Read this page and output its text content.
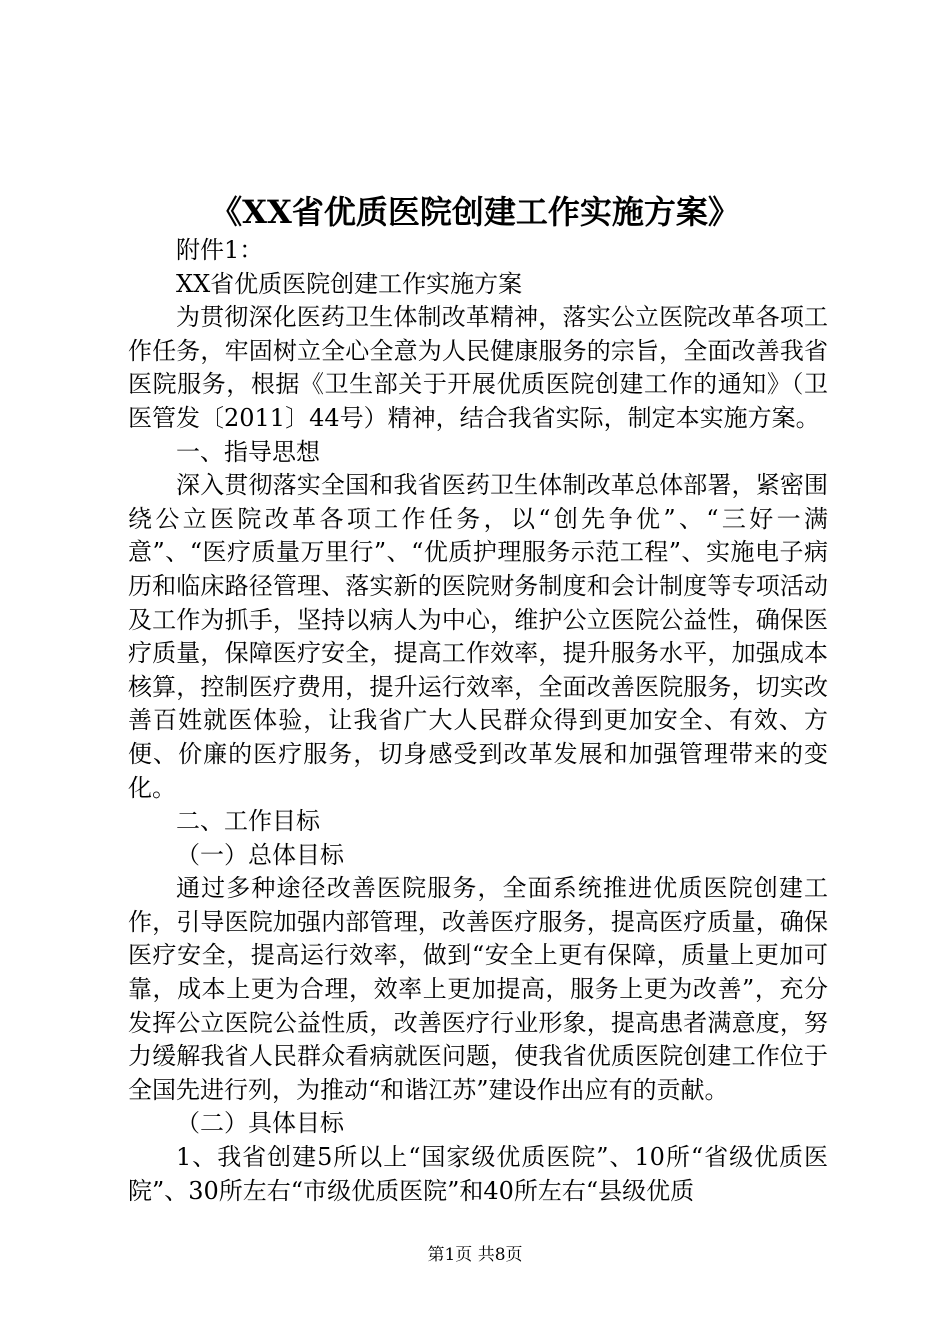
《XX省优质医院创建工作实施方案》

附件1：

XX省优质医院创建工作实施方案

为贯彻深化医药卫生体制改革精神，落实公立医院改革各项工作任务，牢固树立全心全意为人民健康服务的宗旨，全面改善我省医院服务，根据《卫生部关于开展优质医院创建工作的通知》（卫医管发〔2011〕44号）精神，结合我省实际，制定本实施方案。

一、指导思想

深入贯彻落实全国和我省医药卫生体制改革总体部署，紧密围绕公立医院改革各项工作任务，以“创先争优”、“三好一满意”、“医疗质量万里行”、“优质护理服务示范工程”、实施电子病历和临床路径管理、落实新的医院财务制度和会计制度等专项活动及工作为抓手，坚持以病人为中心，维护公立医院公益性，确保医疗质量，保障医疗安全，提高工作效率，提升服务水平，加强成本核算，控制医疗费用，提升运行效率，全面改善医院服务，切实改善百姓就医体验，让我省广大人民群众得到更加安全、有效、方便、价廉的医疗服务，切身感受到改革发展和加强管理带来的变化。

二、工作目标

（一）总体目标

通过多种途径改善医院服务，全面系统推进优质医院创建工作，引导医院加强内部管理，改善医疗服务，提高医疗质量，确保医疗安全，提高运行效率，做到“安全上更有保障，质量上更加可靠，成本上更为合理，效率上更加提高，服务上更为改善”，充分发挥公立医院公益性质，改善医疗行业形象，提高患者满意度，努力缓解我省人民群众看病就医问题，使我省优质医院创建工作位于全国先进行列，为推动“和谐江苏”建设作出应有的贡献。

（二）具体目标

1、我省创建5所以上“国家级优质医院”、10所“省级优质医院”、30所左右“市级优质医院”和40所左右“县级优质

第1页 共8页
